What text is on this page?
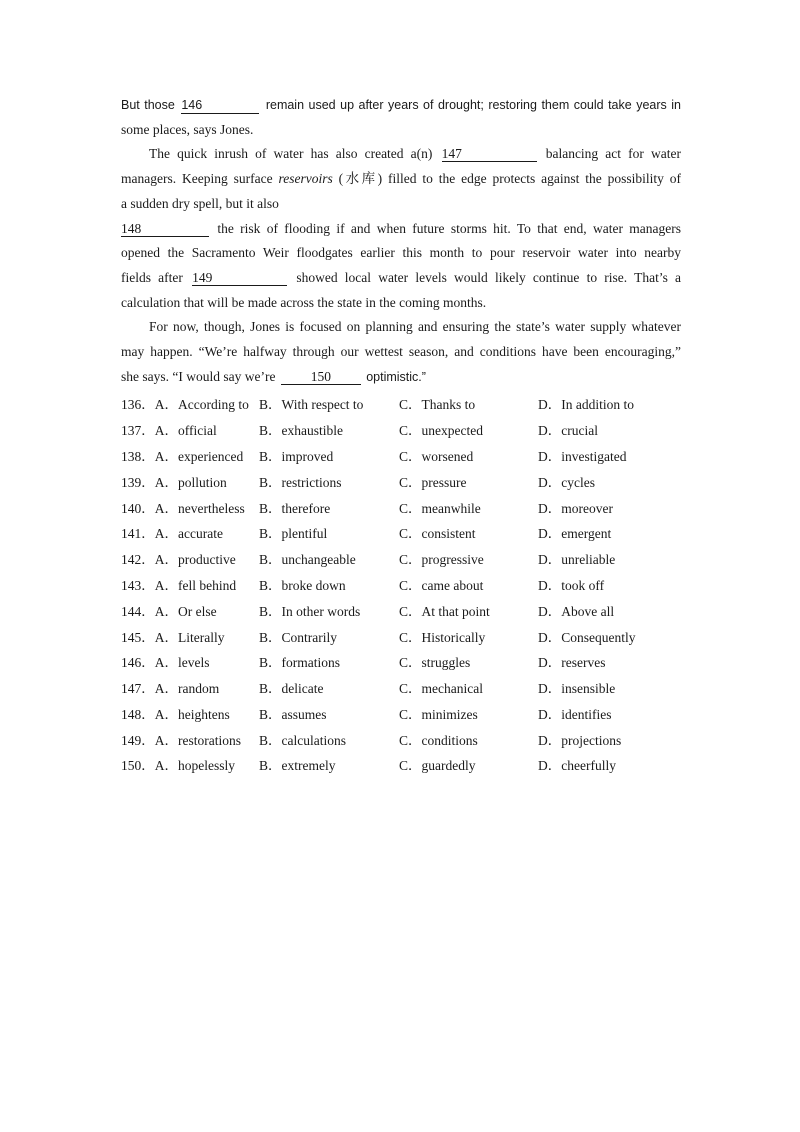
But those 146	remain used up after years of drought; restoring them could take years in
some places, says Jones.
The quick inrush of water has also created a(n) 147	balancing act for water
managers. Keeping surface reservoirs (水库) filled to the edge protects against the possibility of
a sudden dry spell, but it also
148	the risk of flooding if and when future storms hit. To that end, water managers
opened the Sacramento Weir floodgates earlier this month to pour reservoir water into nearby
fields after 149	showed local water levels would likely continue to rise. That’s a
calculation that will be made across the state in the coming months.
For now, though, Jones is focused on planning and ensuring the state’s water supply whatever
may happen. “We’re halfway through our wettest season, and conditions have been encouraging,”
she says. “I would say we’re	150	optimistic.”
136．A．According to	B．With respect to	C．Thanks to	D．In addition to
137．A．official	B．exhaustible	C．unexpected	D．crucial
138．A．experienced	B．improved	C．worsened	D．investigated
139．A．pollution	B．restrictions	C．pressure	D．cycles
140．A．nevertheless	B．therefore	C．meanwhile	D．moreover
141．A．accurate	B．plentiful	C．consistent	D．emergent
142．A．productive	B．unchangeable	C．progressive	D．unreliable
143．A．fell behind	B．broke down	C．came about	D．took off
144．A．Or else	B．In other words	C．At that point	D．Above all
145．A．Literally	B．Contrarily	C．Historically	D．Consequently
146．A．levels	B．formations	C．struggles	D．reserves
147．A．random	B．delicate	C．mechanical	D．insensible
148．A．heightens	B．assumes	C．minimizes	D．identifies
149．A．restorations	B．calculations	C．conditions	D．projections
150．A．hopelessly	B．extremely	C．guardedly	D．cheerfully
